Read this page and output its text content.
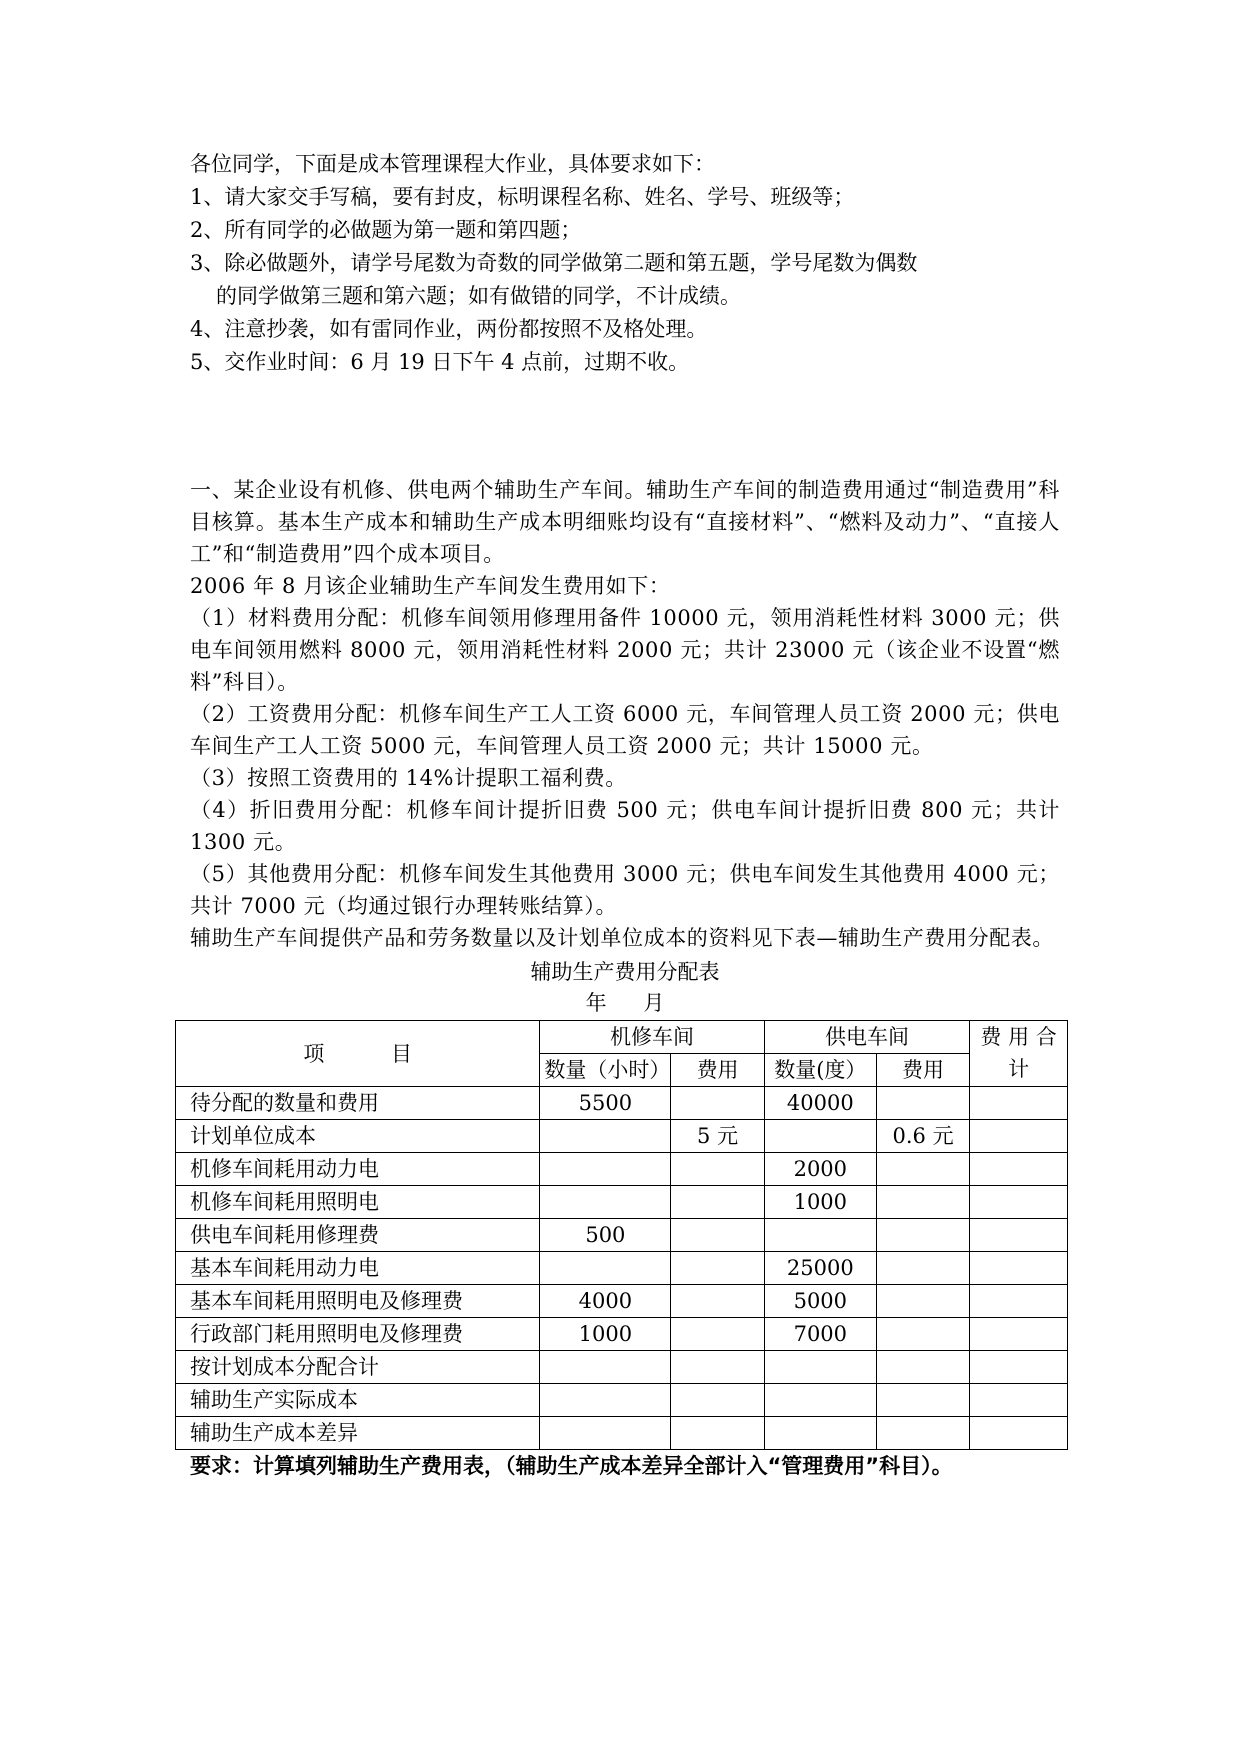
各位同学，下面是成本管理课程大作业，具体要求如下：
1、请大家交手写稿，要有封皮，标明课程名称、姓名、学号、班级等；
2、所有同学的必做题为第一题和第四题；
3、除必做题外，请学号尾数为奇数的同学做第二题和第五题，学号尾数为偶数
的同学做第三题和第六题；如有做错的同学，不计成绩。
4、注意抄袭，如有雷同作业，两份都按照不及格处理。
5、交作业时间：6 月 19 日下午 4 点前，过期不收。
一、某企业设有机修、供电两个辅助生产车间。辅助生产车间的制造费用通过“制造费用”科目核算。基本生产成本和辅助生产成本明细账均设有“直接材料”、“燃料及动力”、“直接人工”和“制造费用”四个成本项目。
2006 年 8 月该企业辅助生产车间发生费用如下：
（1）材料费用分配：机修车间领用修理用备件 10000 元，领用消耗性材料 3000 元；供电车间领用燃料 8000 元，领用消耗性材料 2000 元；共计 23000 元（该企业不设置“燃料”科目）。
（2）工资费用分配：机修车间生产工人工资 6000 元，车间管理人员工资 2000 元；供电车间生产工人工资 5000 元，车间管理人员工资 2000 元；共计 15000 元。
（3）按照工资费用的 14%计提职工福利费。
（4）折旧费用分配：机修车间计提折旧费 500 元；供电车间计提折旧费 800 元；共计 1300 元。
（5）其他费用分配：机修车间发生其他费用 3000 元；供电车间发生其他费用 4000 元；共计 7000 元（均通过银行办理转账结算）。
辅助生产车间提供产品和劳务数量以及计划单位成本的资料见下表—辅助生产费用分配表。
辅助生产费用分配表
年 月
项 目	机修车间		供电车间		费 用 合计
	数量（小时）	费用	数量(度）	费用	
待分配的数量和费用	5500		40000		
计划单位成本		5 元		0.6 元	
机修车间耗用动力电			2000		
机修车间耗用照明电			1000		
供电车间耗用修理费	500				
基本车间耗用动力电			25000		
基本车间耗用照明电及修理费	4000		5000		
行政部门耗用照明电及修理费	1000		7000		
按计划成本分配合计					
辅助生产实际成本					
辅助生产成本差异					
要求：计算填列辅助生产费用表，（辅助生产成本差异全部计入“管理费用”科目）。
